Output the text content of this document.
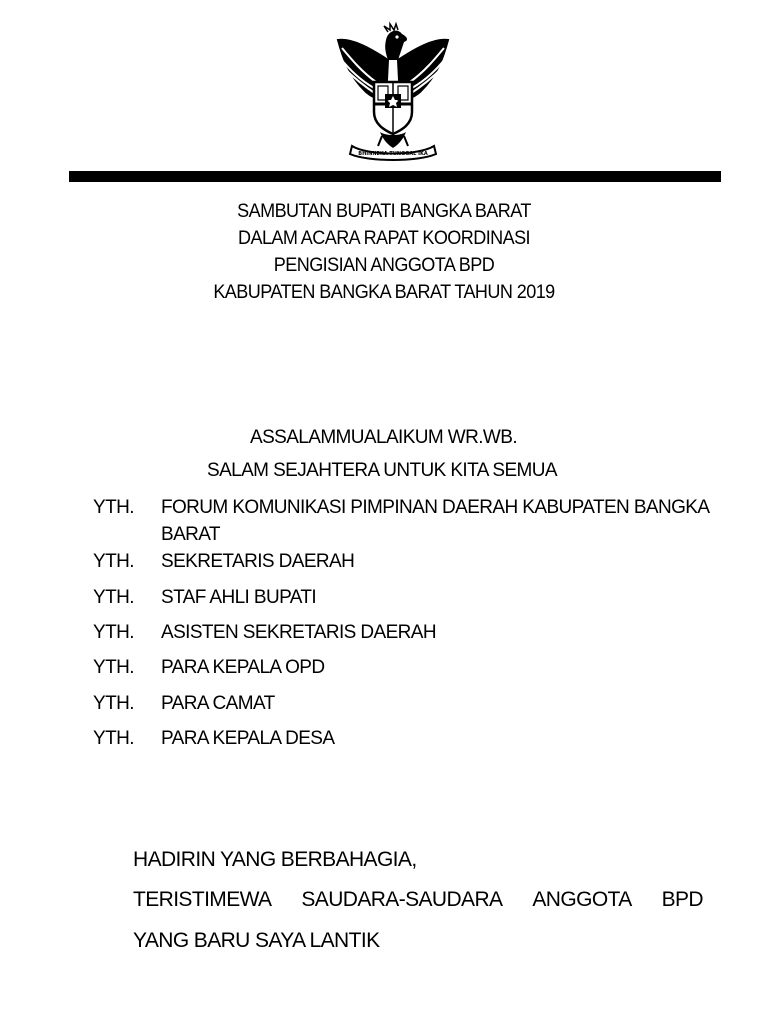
BHINNEKA TUNGGAL IKA
SAMBUTAN BUPATI BANGKA BARAT
DALAM ACARA RAPAT KOORDINASI
PENGISIAN ANGGOTA BPD
KABUPATEN BANGKA BARAT TAHUN 2019
ASSALAMMUALAIKUM WR.WB.
SALAM SEJAHTERA UNTUK KITA SEMUA
YTH. FORUM KOMUNIKASI PIMPINAN DAERAH KABUPATEN BANGKA BARAT
YTH. SEKRETARIS DAERAH
YTH. STAF AHLI BUPATI
YTH. ASISTEN SEKRETARIS DAERAH
YTH. PARA KEPALA OPD
YTH. PARA CAMAT
YTH. PARA KEPALA DESA
HADIRIN YANG BERBAHAGIA,
TERISTIMEWA SAUDARA-SAUDARA ANGGOTA BPD
YANG BARU SAYA LANTIK
